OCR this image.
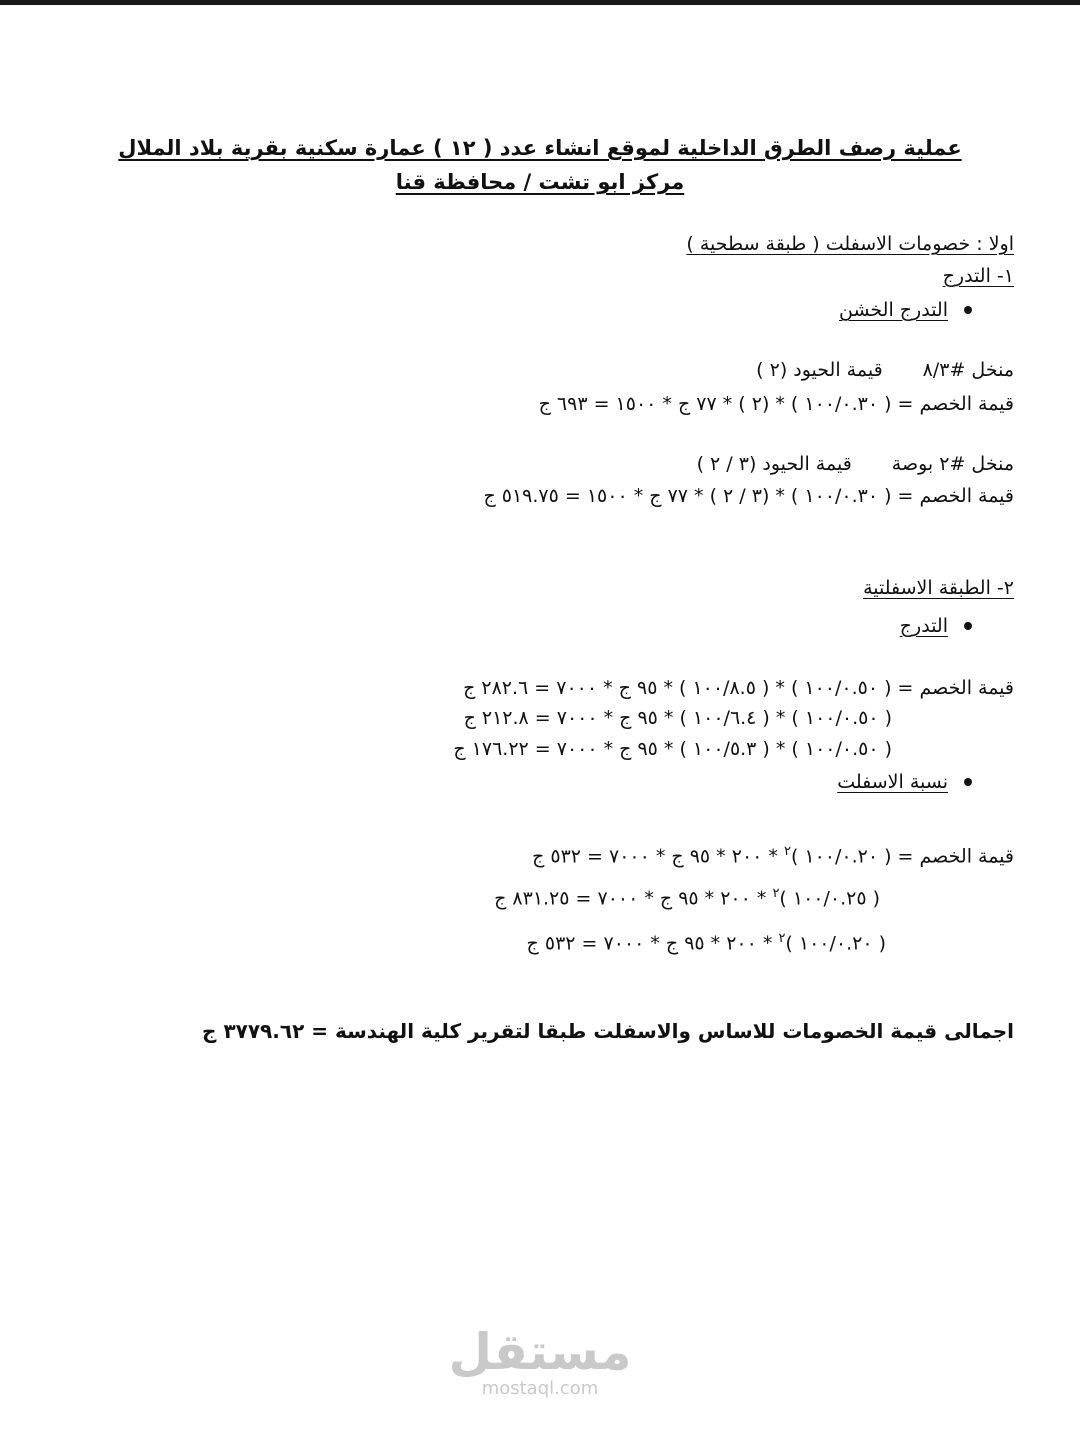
عملية رصف الطرق الداخلية لموقع انشاء عدد ( ١٢ ) عمارة سكنية بقرية بلاد الملال
مركز ابو تشت / محافظة قنا
اولا : خصومات الاسفلت ( طبقة سطحية )
١- التدرج
التدرج الخشن
منخل #٨/٣قيمة الحيود (٢ )
قيمة الخصم = ( ١٠٠/٠.٣٠ ) * (٢ ) * ٧٧ ج * ١٥٠٠ = ٦٩٣ ج
منخل #٢ بوصةقيمة الحيود (٣ / ٢ )
قيمة الخصم = ( ١٠٠/٠.٣٠ ) * (٣ / ٢ ) * ٧٧ ج * ١٥٠٠ = ٥١٩.٧٥ ج
٢- الطبقة الاسفلتية
التدرج
قيمة الخصم = ( ١٠٠/٠.٥٠ ) * ( ١٠٠/٨.٥ ) * ٩٥ ج * ٧٠٠٠ = ٢٨٢.٦ ج
( ١٠٠/٠.٥٠ ) * ( ١٠٠/٦.٤ ) * ٩٥ ج * ٧٠٠٠ = ٢١٢.٨ ج
( ١٠٠/٠.٥٠ ) * ( ١٠٠/٥.٣ ) * ٩٥ ج * ٧٠٠٠ = ١٧٦.٢٢ ج
نسبة الاسفلت
قيمة الخصم = ( ١٠٠/٠.٢٠ )$^٢$ * ٢٠٠ * ٩٥ ج * ٧٠٠٠ = ٥٣٢ ج
( ١٠٠/٠.٢٥ )$^٢$ * ٢٠٠ * ٩٥ ج * ٧٠٠٠ = ٨٣١.٢٥ ج
( ١٠٠/٠.٢٠ )$^٢$ * ٢٠٠ * ٩٥ ج * ٧٠٠٠ = ٥٣٢ ج
اجمالى قيمة الخصومات للاساس والاسفلت طبقا لتقرير كلية الهندسة = ٣٧٧٩.٦٢ ج
مستقل
mostaql.com
